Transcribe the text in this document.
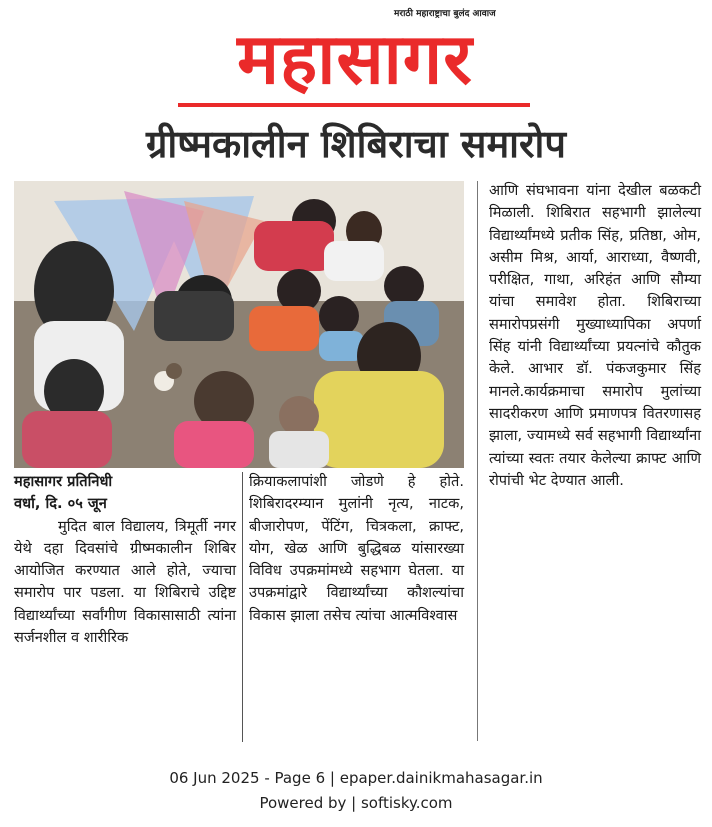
मराठी महाराष्ट्राचा बुलंद आवाज
महासागर
ग्रीष्मकालीन शिबिराचा समारोप

महासागर प्रतिनिधी

वर्धा, दि. ०५ जून

मुदित बाल विद्यालय, त्रिमूर्ती नगर येथे दहा दिवसांचे ग्रीष्मकालीन शिबिर आयोजित करण्यात आले होते, ज्याचा समारोप पार पडला. या शिबिराचे उद्दिष्ट विद्यार्थ्यांच्या सर्वांगीण विकासासाठी त्यांना सर्जनशील व शारीरिक

क्रियाकलापांशी जोडणे हे होते. शिबिरादरम्यान मुलांनी नृत्य, नाटक, बीजारोपण, पेंटिंग, चित्रकला, क्राफ्ट, योग, खेळ आणि बुद्धिबळ यांसारख्या विविध उपक्रमांमध्ये सहभाग घेतला. या उपक्रमांद्वारे विद्यार्थ्यांच्या कौशल्यांचा विकास झाला तसेच त्यांचा आत्मविश्वास

आणि संघभावना यांना देखील बळकटी मिळाली. शिबिरात सहभागी झालेल्या विद्यार्थ्यांमध्ये प्रतीक सिंह, प्रतिष्ठा, ओम, असीम मिश्र, आर्या, आराध्या, वैष्णवी, परीक्षित, गाथा, अरिहंत आणि सौम्या यांचा समावेश होता. शिबिराच्या समारोपप्रसंगी मुख्याध्यापिका अपर्णा सिंह यांनी विद्यार्थ्यांच्या प्रयत्नांचे कौतुक केले. आभार डॉ. पंकजकुमार सिंह मानले.कार्यक्रमाचा समारोप मुलांच्या सादरीकरण आणि प्रमाणपत्र वितरणासह झाला, ज्यामध्ये सर्व सहभागी विद्यार्थ्यांना त्यांच्या स्वतः तयार केलेल्या क्राफ्ट आणि रोपांची भेट देण्यात आली.

06 Jun 2025 - Page 6 | epaper.dainikmahasagar.in
Powered by | softisky.com
